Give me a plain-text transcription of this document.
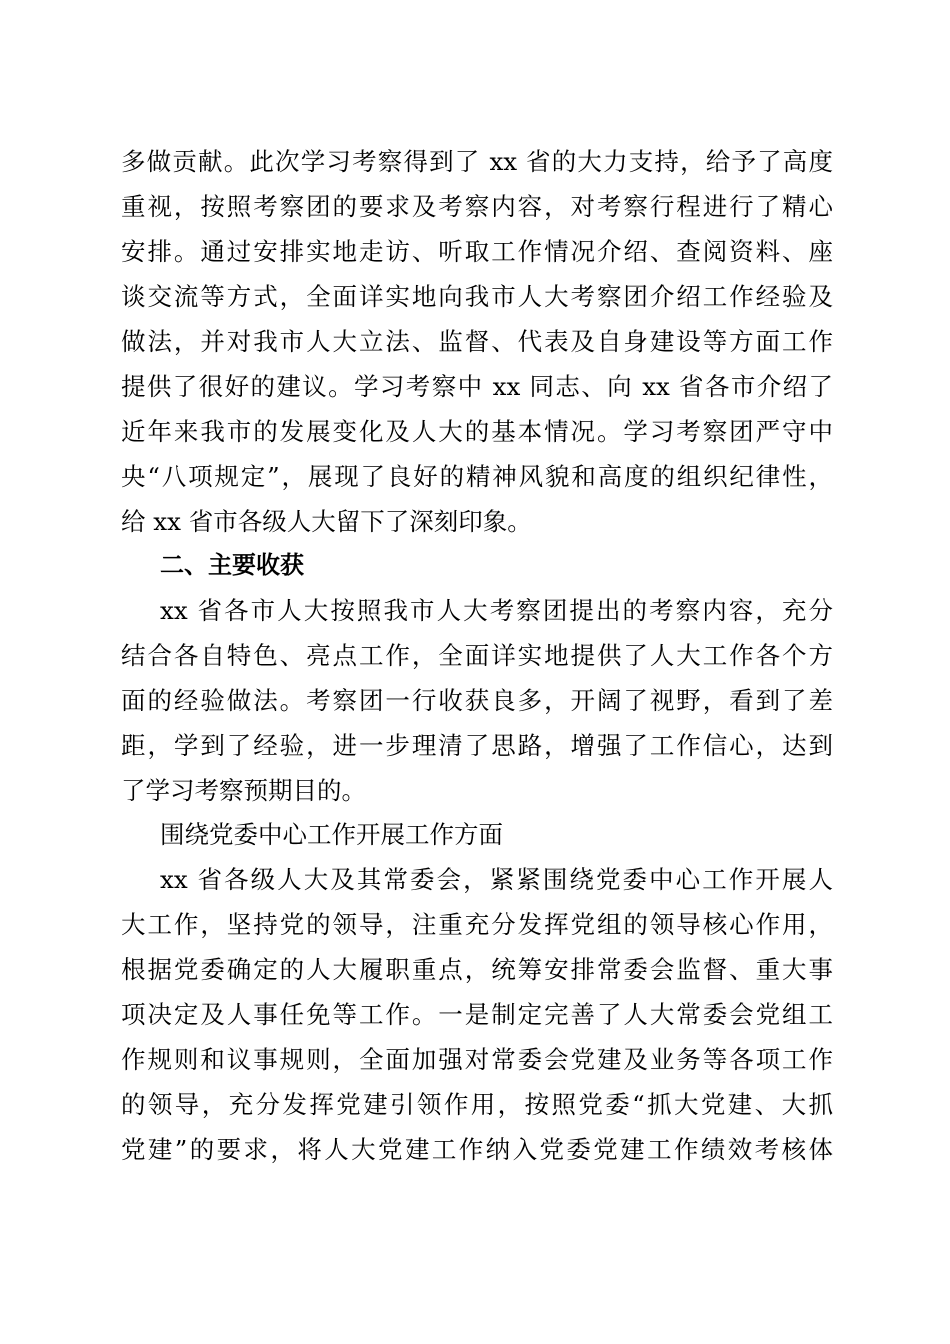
多做贡献。此次学习考察得到了 xx 省的大力支持，给予了高度
重视，按照考察团的要求及考察内容，对考察行程进行了精心
安排。通过安排实地走访、听取工作情况介绍、查阅资料、座
谈交流等方式，全面详实地向我市人大考察团介绍工作经验及
做法，并对我市人大立法、监督、代表及自身建设等方面工作
提供了很好的建议。学习考察中 xx 同志、向 xx 省各市介绍了
近年来我市的发展变化及人大的基本情况。学习考察团严守中
央“八项规定”，展现了良好的精神风貌和高度的组织纪律性，
给 xx 省市各级人大留下了深刻印象。
二、主要收获
xx 省各市人大按照我市人大考察团提出的考察内容，充分
结合各自特色、亮点工作，全面详实地提供了人大工作各个方
面的经验做法。考察团一行收获良多，开阔了视野，看到了差
距，学到了经验，进一步理清了思路，增强了工作信心，达到
了学习考察预期目的。
围绕党委中心工作开展工作方面
xx 省各级人大及其常委会，紧紧围绕党委中心工作开展人
大工作，坚持党的领导，注重充分发挥党组的领导核心作用，
根据党委确定的人大履职重点，统筹安排常委会监督、重大事
项决定及人事任免等工作。一是制定完善了人大常委会党组工
作规则和议事规则，全面加强对常委会党建及业务等各项工作
的领导，充分发挥党建引领作用，按照党委“抓大党建、大抓
党建”的要求，将人大党建工作纳入党委党建工作绩效考核体
